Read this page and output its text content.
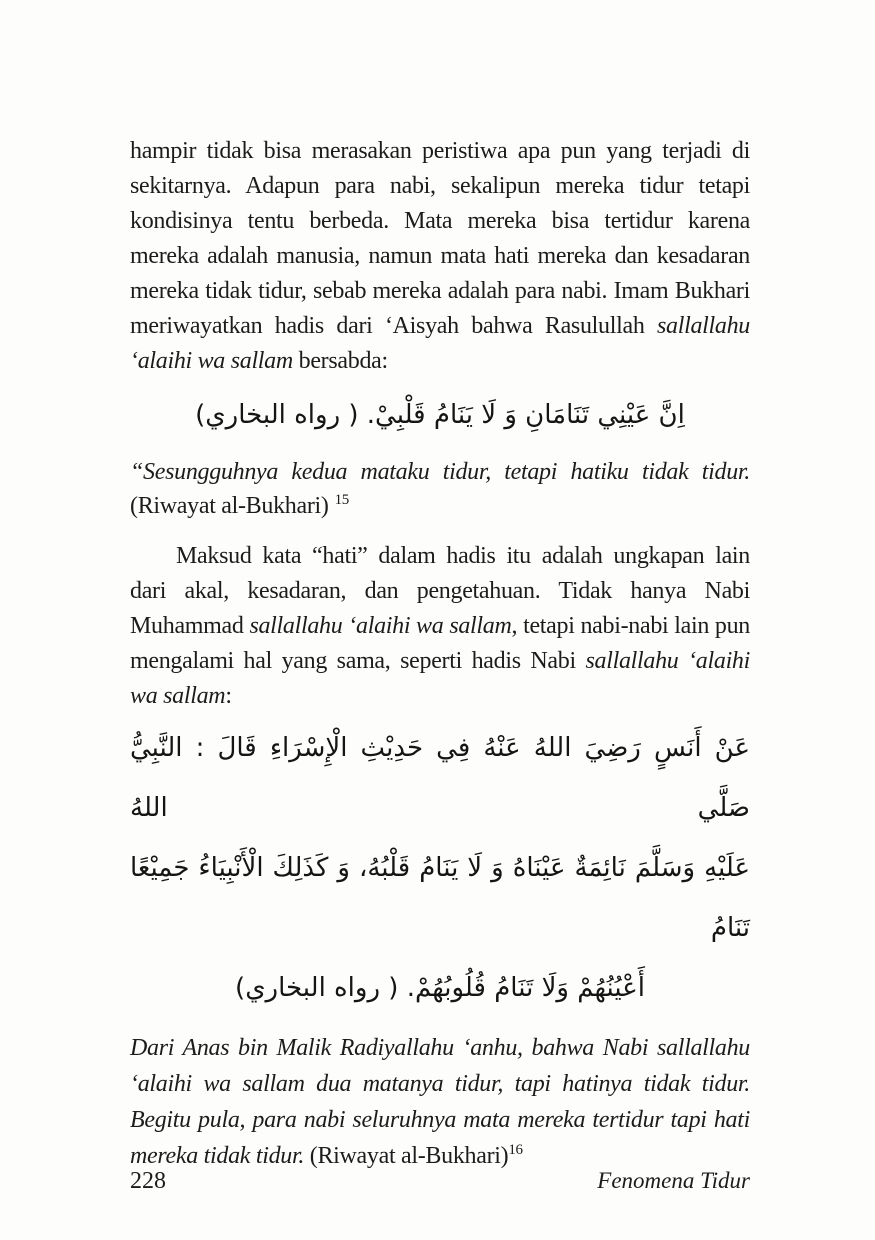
hampir tidak bisa merasakan peristiwa apa pun yang terjadi di sekitarnya. Adapun para nabi, sekalipun mereka tidur tetapi kondisinya tentu berbeda. Mata mereka bisa tertidur karena mereka adalah manusia, namun mata hati mereka dan kesadaran mereka tidak tidur, sebab mereka adalah para nabi. Imam Bukhari meriwayatkan hadis dari ‘Aisyah bahwa Rasulullah sallallahu ‘alaihi wa sallam bersabda:

اِنَّ عَيْنِي تَنَامَانِ وَ لَا يَنَامُ قَلْبِيْ. ( رواه البخاري)

“Sesungguhnya kedua mataku tidur, tetapi hatiku tidak tidur. (Riwayat al-Bukhari) $^{15}$

Maksud kata “hati” dalam hadis itu adalah ungkapan lain dari akal, kesadaran, dan pengetahuan. Tidak hanya Nabi Muhammad sallallahu ‘alaihi wa sallam, tetapi nabi-nabi lain pun mengalami hal yang sama, seperti hadis Nabi sallallahu ‘alaihi wa sallam:

عَنْ أَنَسٍ رَضِيَ اللهُ عَنْهُ فِي حَدِيْثِ الْإِسْرَاءِ قَالَ : النَّبِيُّ صَلَّي اللهُ
عَلَيْهِ وَسَلَّمَ نَائِمَةٌ عَيْنَاهُ وَ لَا يَنَامُ قَلْبُهُ، وَ كَذَلِكَ الْأَنْبِيَاءُ جَمِيْعًا تَنَامُ
أَعْيُنُهُمْ وَلَا تَنَامُ قُلُوبُهُمْ. ( رواه البخاري)

Dari Anas bin Malik Radiyallahu ‘anhu, bahwa Nabi sallallahu ‘alaihi wa sallam dua matanya tidur, tapi hatinya tidak tidur. Begitu pula, para nabi seluruhnya mata mereka tertidur tapi hati mereka tidak tidur. (Riwayat al-Bukhari)$^{16}$

228	Fenomena Tidur
